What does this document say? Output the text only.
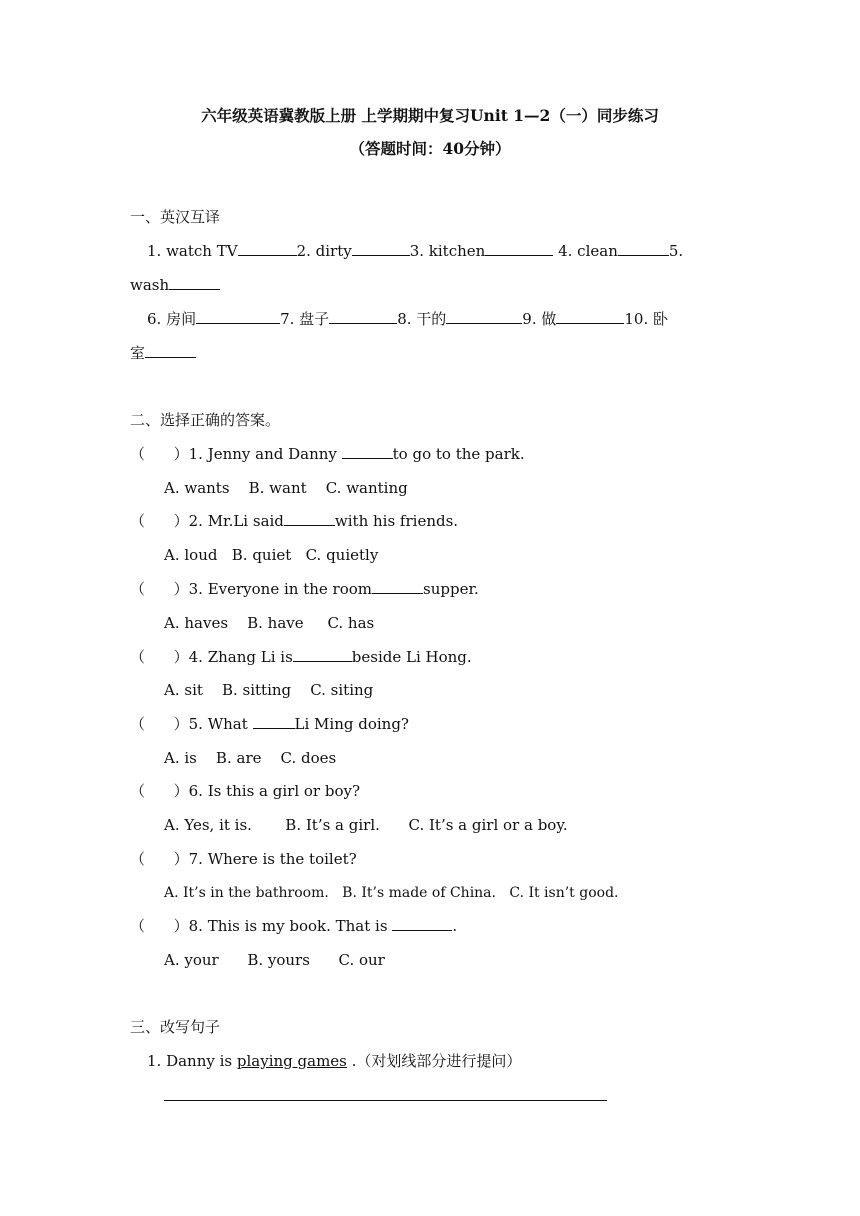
六年级英语冀教版上册 上学期期中复习Unit 1—2（一）同步练习
（答题时间：40分钟）
一、英汉互译
1. watch TV	2. dirty	3. kitchen	4. clean	5.
wash
6. 房间	7. 盘子	8. 干的	9. 做	10. 卧
室
二、选择正确的答案。
（      ）1. Jenny and Danny	to go to the park.
A. wants    B. want    C. wanting
（      ）2. Mr.Li said	with his friends.
A. loud   B. quiet   C. quietly
（      ）3. Everyone in the room	supper.
A. haves    B. have     C. has
（      ）4. Zhang Li is	beside Li Hong.
A. sit    B. sitting    C. siting
（      ）5. What	Li Ming doing?
A. is    B. are    C. does
（      ）6. Is this a girl or boy?
A. Yes, it is.       B. It’s a girl.      C. It’s a girl or a boy.
（      ）7. Where is the toilet?
A. It’s in the bathroom.   B. It’s made of China.   C. It isn’t good.
（      ）8. This is my book. That is	.
A. your      B. yours      C. our
三、改写句子
1. Danny is playing games .（对划线部分进行提问）
